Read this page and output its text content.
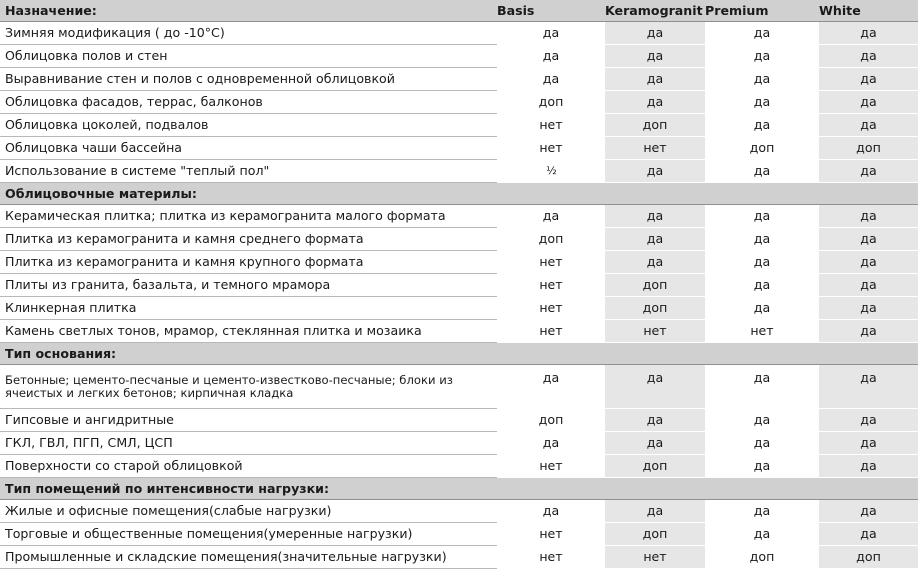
Назначение:	Basis	Keramogranit	Premium	White
Зимняя модификация ( до -10°C)	да	да	да	да
Облицовка полов и стен	да	да	да	да
Выравнивание стен и полов с одновременной облицовкой	да	да	да	да
Облицовка фасадов, террас, балконов	доп	да	да	да
Облицовка цоколей, подвалов	нет	доп	да	да
Облицовка чаши бассейна	нет	нет	доп	доп
Использование в системе "теплый пол"	½	да	да	да
Облицовочные материлы:				
Керамическая плитка; плитка из керамогранита малого формата	да	да	да	да
Плитка из керамогранита и камня среднего формата	доп	да	да	да
Плитка из керамогранита и камня крупного формата	нет	да	да	да
Плиты из гранита, базальта, и темного мрамора	нет	доп	да	да
Клинкерная плитка	нет	доп	да	да
Камень светлых тонов, мрамор, стеклянная плитка и мозаика	нет	нет	нет	да
Тип основания:				
Бетонные; цементо-песчаные и цементо-известково-песчаные; блоки из ячеистых и легких бетонов; кирпичная кладка	да	да	да	да
Гипсовые и ангидритные	доп	да	да	да
ГКЛ, ГВЛ, ПГП, СМЛ, ЦСП	да	да	да	да
Поверхности со старой облицовкой	нет	доп	да	да
Тип помещений по интенсивности нагрузки:				
Жилые и офисные помещения(слабые нагрузки)	да	да	да	да
Торговые и общественные помещения(умеренные нагрузки)	нет	доп	да	да
Промышленные и складские помещения(значительные нагрузки)	нет	нет	доп	доп
